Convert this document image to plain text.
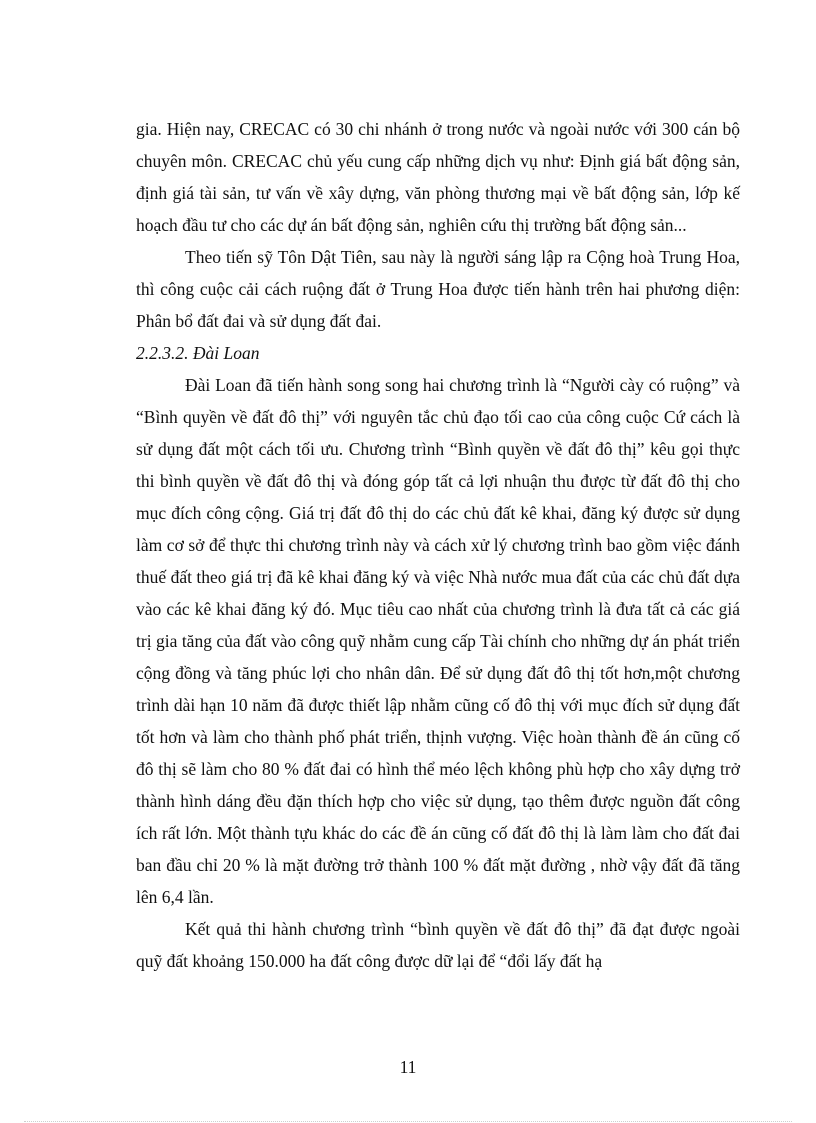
gia. Hiện nay, CRECAC có 30 chi nhánh ở trong nước và ngoài nước với 300 cán bộ chuyên môn. CRECAC chủ yếu cung cấp những dịch vụ như: Định giá bất động sản, định giá tài sản, tư vấn về xây dựng, văn phòng thương mại về bất động sản, lớp kế hoạch đầu tư cho các dự án bất động sản, nghiên cứu thị trường bất động sản...

Theo tiến sỹ Tôn Dật Tiên, sau này là người sáng lập ra Cộng hoà Trung Hoa, thì công cuộc cải cách ruộng đất ở Trung Hoa được tiến hành trên hai phương diện: Phân bổ đất đai và sử dụng đất đai.

2.2.3.2. Đài Loan

Đài Loan đã tiến hành song song hai chương trình là “Người cày có ruộng” và “Bình quyền về đất đô thị” với nguyên tắc chủ đạo tối cao của công cuộc Cứ cách là sử dụng đất một cách tối ưu. Chương trình “Bình quyền về đất đô thị” kêu gọi thực thi bình quyền về đất đô thị và đóng góp tất cả lợi nhuận thu được từ đất đô thị cho mục đích công cộng. Giá trị đất đô thị do các chủ đất kê khai, đăng ký được sử dụng làm cơ sở để thực thi chương trình này và cách xử lý chương trình bao gồm việc đánh thuế đất theo giá trị đã kê khai đăng ký và việc Nhà nước mua đất của các chủ đất dựa vào các kê khai đăng ký đó. Mục tiêu cao nhất của chương trình là đưa tất cả các giá trị gia tăng của đất vào công quỹ nhằm cung cấp Tài chính cho những dự án phát triển cộng đồng và tăng phúc lợi cho nhân dân. Để sử dụng đất đô thị tốt hơn,một chương trình dài hạn 10 năm đã được thiết lập nhằm cũng cố đô thị với mục đích sử dụng đất tốt hơn và làm cho thành phố phát triển, thịnh vượng. Việc hoàn thành đề án cũng cố đô thị sẽ làm cho 80 % đất đai có hình thể méo lệch không phù hợp cho xây dựng trở thành hình dáng đều đặn thích hợp cho việc sử dụng, tạo thêm được nguồn đất công ích rất lớn. Một thành tựu khác do các đề án cũng cố đất đô thị là làm làm cho đất đai ban đầu chỉ 20 % là mặt đường trở thành 100 % đất mặt đường , nhờ vậy đất đã tăng lên 6,4 lần.

Kết quả thi hành chương trình “bình quyền về đất đô thị” đã đạt được ngoài quỹ đất khoảng 150.000 ha đất công được dữ lại để “đổi lấy đất hạ

11
